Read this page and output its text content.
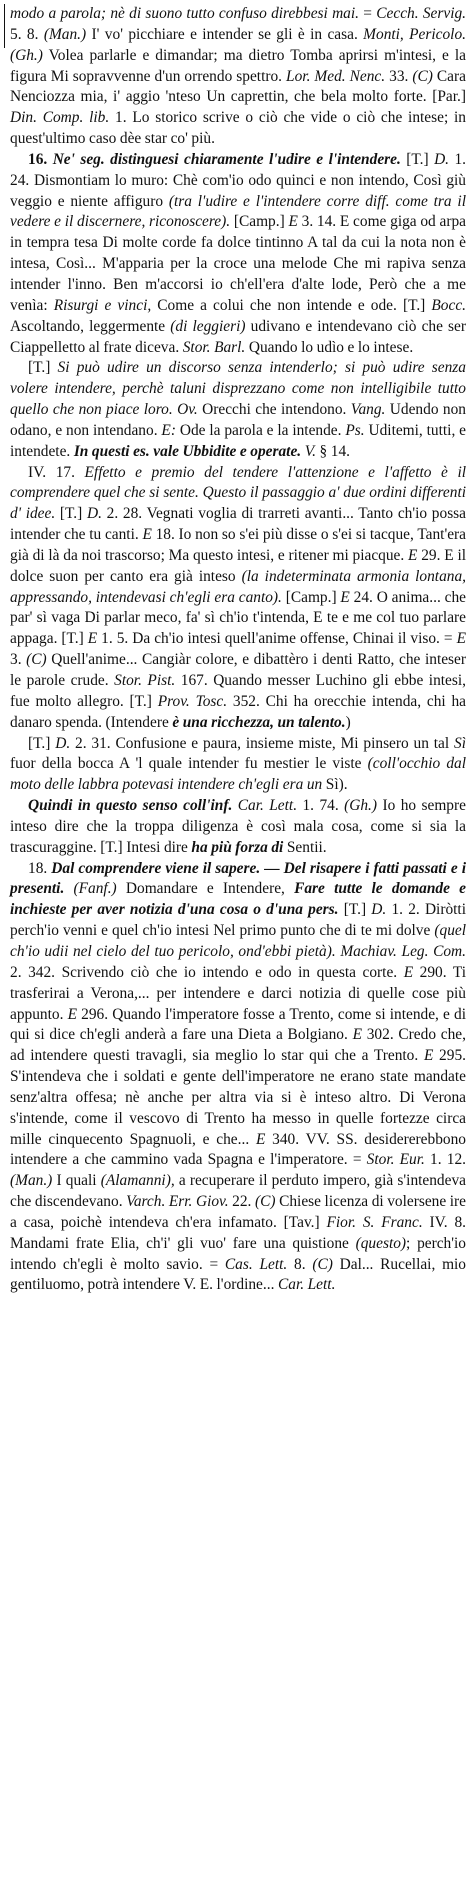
modo a parola; nè di suono tutto confuso direbbesi mai. = Cecch. Servig. 5. 8. (Man.) I' vo' picchiare e intender se gli è in casa. Monti, Pericolo. (Gh.) Volea parlarle e dimandar; ma dietro Tomba aprirsi m'intesi, e la figura Mi sopravvenne d'un orrendo spettro. Lor. Med. Nenc. 33. (C) Cara Nenciozza mia, i' aggio 'nteso Un caprettin, che bela molto forte. [Par.] Din. Comp. lib. 1. Lo storico scrive o ciò che vide o ciò che intese; in quest'ultimo caso dèe star co' più.

16. Ne' seg. distinguesi chiaramente l'udire e l'intendere. [T.] D. 1. 24. Dismontiam lo muro: Chè com'io odo quinci e non intendo, Così giù veggio e niente affiguro (tra l'udire e l'intendere corre diff. come tra il vedere e il discernere, riconoscere). [Camp.] E 3. 14. E come giga od arpa in tempra tesa Di molte corde fa dolce tintinno A tal da cui la nota non è intesa, Così... M'apparia per la croce una melode Che mi rapiva senza intender l'inno. Ben m'accorsi io ch'ell'era d'alte lode, Però che a me venìa: Risurgi e vinci, Come a colui che non intende e ode. [T.] Bocc. Ascoltando, leggermente (di leggieri) udivano e intendevano ciò che ser Ciappelletto al frate diceva. Stor. Barl. Quando lo udìo e lo intese.

[T.] Si può udire un discorso senza intenderlo; si può udire senza volere intendere, perchè taluni disprezzano come non intelligibile tutto quello che non piace loro. Ov. Orecchi che intendono. Vang. Udendo non odano, e non intendano. E: Ode la parola e la intende. Ps. Uditemi, tutti, e intendete. In questi es. vale Ubbidite e operate. V. § 14.

IV. 17. Effetto e premio del tendere l'attenzione e l'affetto è il comprendere quel che si sente. Questo il passaggio a' due ordini differenti d' idee. [T.] D. 2. 28. Vegnati voglia di trarreti avanti... Tanto ch'io possa intender che tu canti. E 18. Io non so s'ei più disse o s'ei si tacque, Tant'era già di là da noi trascorso; Ma questo intesi, e ritener mi piacque. E 29. E il dolce suon per canto era già inteso (la indeterminata armonia lontana, appressando, intendevasi ch'egli era canto). [Camp.] E 24. O anima... che par' sì vaga Di parlar meco, fa' sì ch'io t'intenda, E te e me col tuo parlare appaga. [T.] E 1. 5. Da ch'io intesi quell'anime offense, Chinai il viso. = E 3. (C) Quell'anime... Cangiàr colore, e dibattèro i denti Ratto, che inteser le parole crude. Stor. Pist. 167. Quando messer Luchino gli ebbe intesi, fue molto allegro. [T.] Prov. Tosc. 352. Chi ha orecchie intenda, chi ha danaro spenda. (Intendere è una ricchezza, un talento.)

[T.] D. 2. 31. Confusione e paura, insieme miste, Mi pinsero un tal Sì fuor della bocca A 'l quale intender fu mestier le viste (coll'occhio dal moto delle labbra potevasi intendere ch'egli era un Sì).

Quindi in questo senso coll'inf. Car. Lett. 1. 74. (Gh.) Io ho sempre inteso dire che la troppa diligenza è così mala cosa, come si sia la trascuraggine. [T.] Intesi dire ha più forza di Sentii.

18. Dal comprendere viene il sapere. — Del risapere i fatti passati e i presenti. (Fanf.) Domandare e Intendere, Fare tutte le domande e inchieste per aver notizia d'una cosa o d'una pers. [T.] D. 1. 2. Diròtti perch'io venni e quel ch'io intesi Nel primo punto che di te mi dolve (quel ch'io udii nel cielo del tuo pericolo, ond'ebbi pietà). Machiav. Leg. Com. 2. 342. Scrivendo ciò che io intendo e odo in questa corte. E 290. Ti trasferirai a Verona,... per intendere e darci notizia di quelle cose più appunto. E 296. Quando l'imperatore fosse a Trento, come si intende, e di qui si dice ch'egli anderà a fare una Dieta a Bolgiano. E 302. Credo che, ad intendere questi travagli, sia meglio lo star qui che a Trento. E 295. S'intendeva che i soldati e gente dell'imperatore ne erano state mandate senz'altra offesa; nè anche per altra via si è inteso altro. Di Verona s'intende, come il vescovo di Trento ha messo in quelle fortezze circa mille cinquecento Spagnuoli, e che... E 340. VV. SS. desidererebbono intendere a che cammino vada Spagna e l'imperatore. = Stor. Eur. 1. 12. (Man.) I quali (Alamanni), a recuperare il perduto impero, già s'intendeva che discendevano. Varch. Err. Giov. 22. (C) Chiese licenza di volersene ire a casa, poichè intendeva ch'era infamato. [Tav.] Fior. S. Franc. IV. 8. Mandami frate Elia, ch'i' gli vuo' fare una quistione (questo); perch'io intendo ch'egli è molto savio. = Cas. Lett. 8. (C) Dal... Rucellai, mio gentiluomo, potrà intendere V. E. l'ordine... Car. Lett.
